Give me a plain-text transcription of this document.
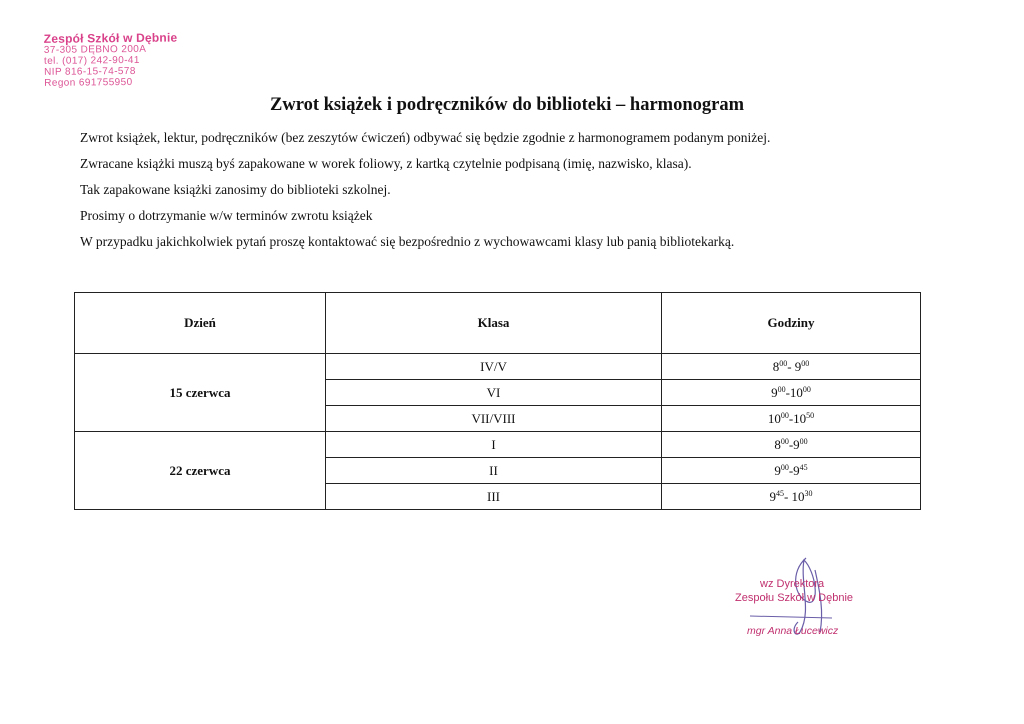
Zespół Szkół w Dębnie
37-305 DĘBNO 200A
tel. (017) 242-90-41
NIP 816-15-74-578
Regon 691755950
Zwrot książek i podręczników do biblioteki – harmonogram

Zwrot książek, lektur, podręczników (bez zeszytów ćwiczeń) odbywać się będzie zgodnie z harmonogramem podanym poniżej.

Zwracane książki muszą byś zapakowane w worek foliowy, z kartką czytelnie podpisaną (imię, nazwisko, klasa).

Tak zapakowane książki zanosimy do biblioteki szkolnej.

Prosimy o dotrzymanie w/w terminów zwrotu książek

W przypadku jakichkolwiek pytań proszę kontaktować się bezpośrednio z wychowawcami klasy lub panią bibliotekarką.

Dzień	Klasa	Godziny
15 czerwca	IV/V	$8^{00}-$ $9^{00}$
	VI	$9^{00}-10^{00}$
	VII/VIII	$10^{00}-10^{50}$
22 czerwca	I	$8^{00}-9^{00}$
	II	$9^{00}-9^{45}$
	III	$9^{45}-$ $10^{30}$
wz Dyrektora
Zespołu Szkół w Dębnie
mgr Anna Łucewicz
